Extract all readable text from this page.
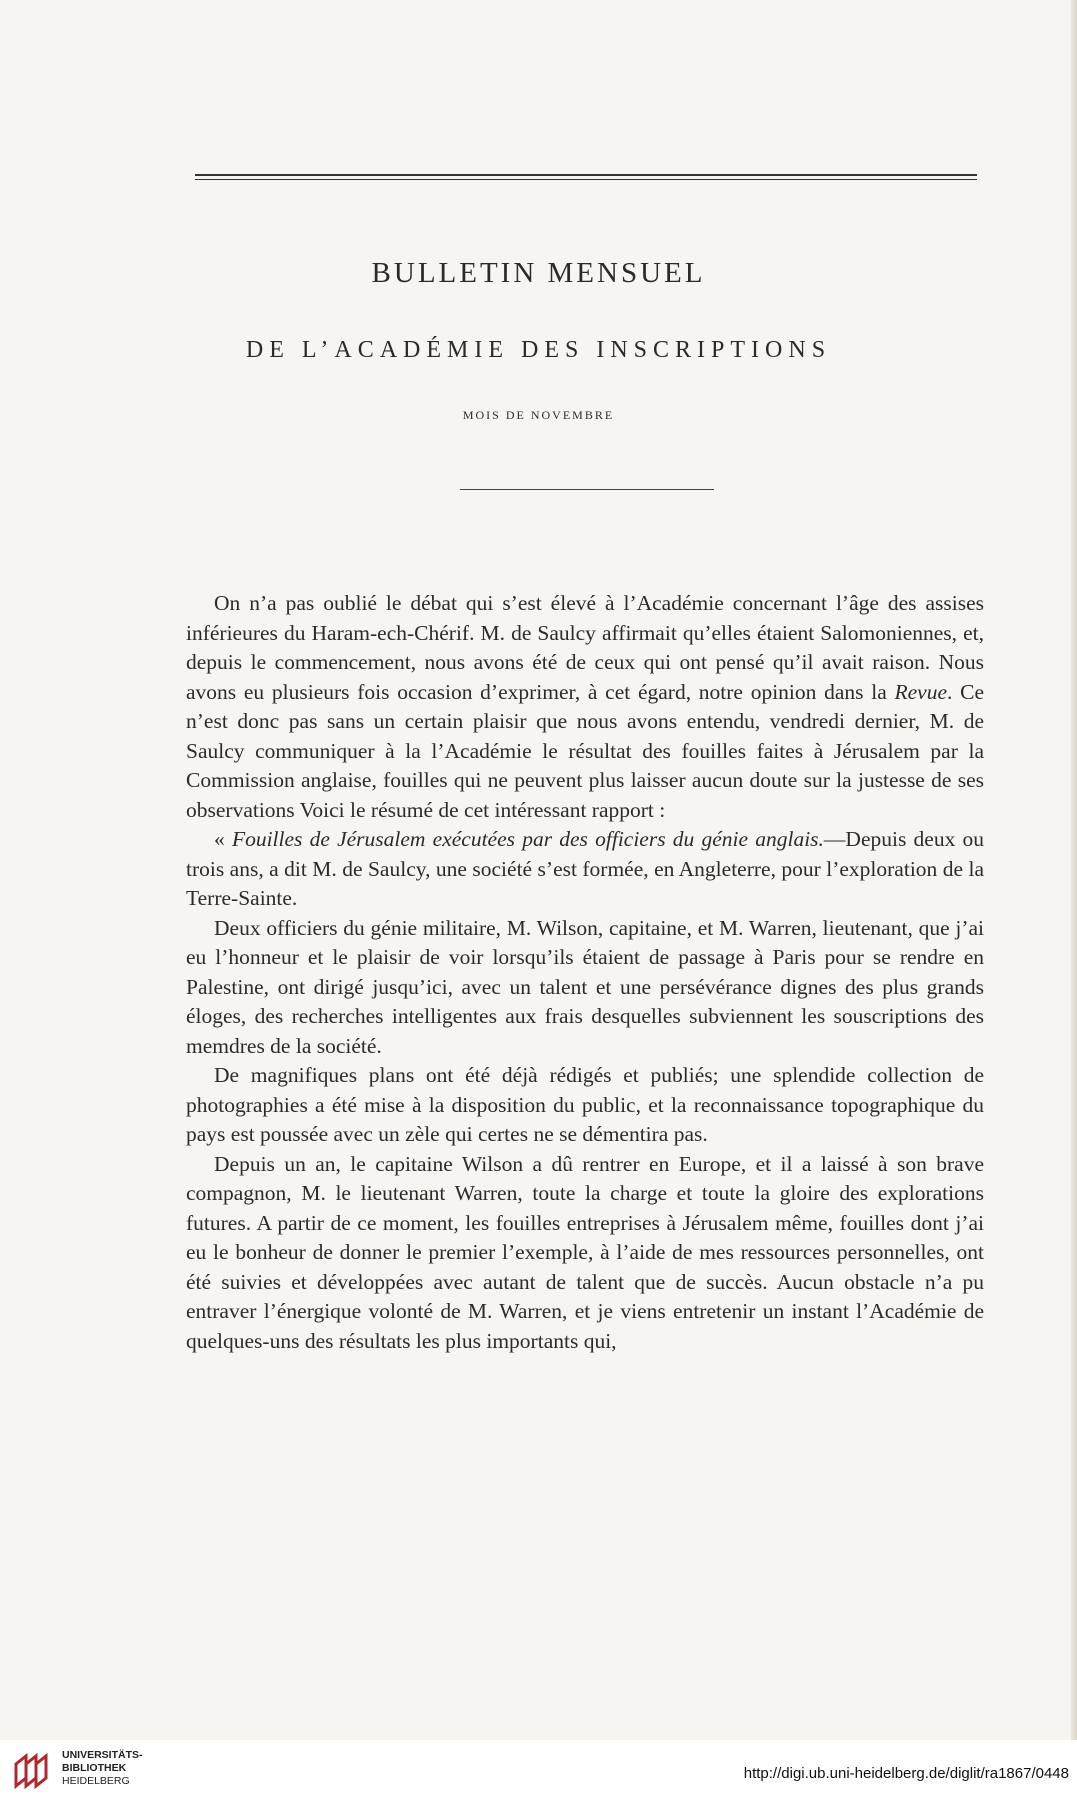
BULLETIN MENSUEL
DE L’ACADÉMIE DES INSCRIPTIONS
MOIS DE NOVEMBRE

On n’a pas oublié le débat qui s’est élevé à l’Académie concernant l’âge des assises inférieures du Haram-ech-Chérif. M. de Saulcy affirmait qu’elles étaient Salomoniennes, et, depuis le commencement, nous avons été de ceux qui ont pensé qu’il avait raison. Nous avons eu plusieurs fois occasion d’exprimer, à cet égard, notre opinion dans la Revue. Ce n’est donc pas sans un certain plaisir que nous avons entendu, vendredi dernier, M. de Saulcy communiquer à la l’Académie le résultat des fouilles faites à Jérusalem par la Commission anglaise, fouilles qui ne peuvent plus laisser aucun doute sur la justesse de ses observations Voici le résumé de cet intéressant rapport :

« Fouilles de Jérusalem exécutées par des officiers du génie anglais.—Depuis deux ou trois ans, a dit M. de Saulcy, une société s’est formée, en Angleterre, pour l’exploration de la Terre-Sainte.

Deux officiers du génie militaire, M. Wilson, capitaine, et M. Warren, lieutenant, que j’ai eu l’honneur et le plaisir de voir lorsqu’ils étaient de passage à Paris pour se rendre en Palestine, ont dirigé jusqu’ici, avec un talent et une persévérance dignes des plus grands éloges, des recherches intelligentes aux frais desquelles subviennent les souscriptions des memdres de la société.

De magnifiques plans ont été déjà rédigés et publiés; une splendide collection de photographies a été mise à la disposition du public, et la reconnaissance topographique du pays est poussée avec un zèle qui certes ne se démentira pas.

Depuis un an, le capitaine Wilson a dû rentrer en Europe, et il a laissé à son brave compagnon, M. le lieutenant Warren, toute la charge et toute la gloire des explorations futures. A partir de ce moment, les fouilles entreprises à Jérusalem même, fouilles dont j’ai eu le bonheur de donner le premier l’exemple, à l’aide de mes ressources personnelles, ont été suivies et développées avec autant de talent que de succès. Aucun obstacle n’a pu entraver l’énergique volonté de M. Warren, et je viens entretenir un instant l’Académie de quelques-uns des résultats les plus importants qui,

UNIVERSITÄTS-
BIBLIOTHEK
HEIDELBERG	http://digi.ub.uni-heidelberg.de/diglit/ra1867/0448
